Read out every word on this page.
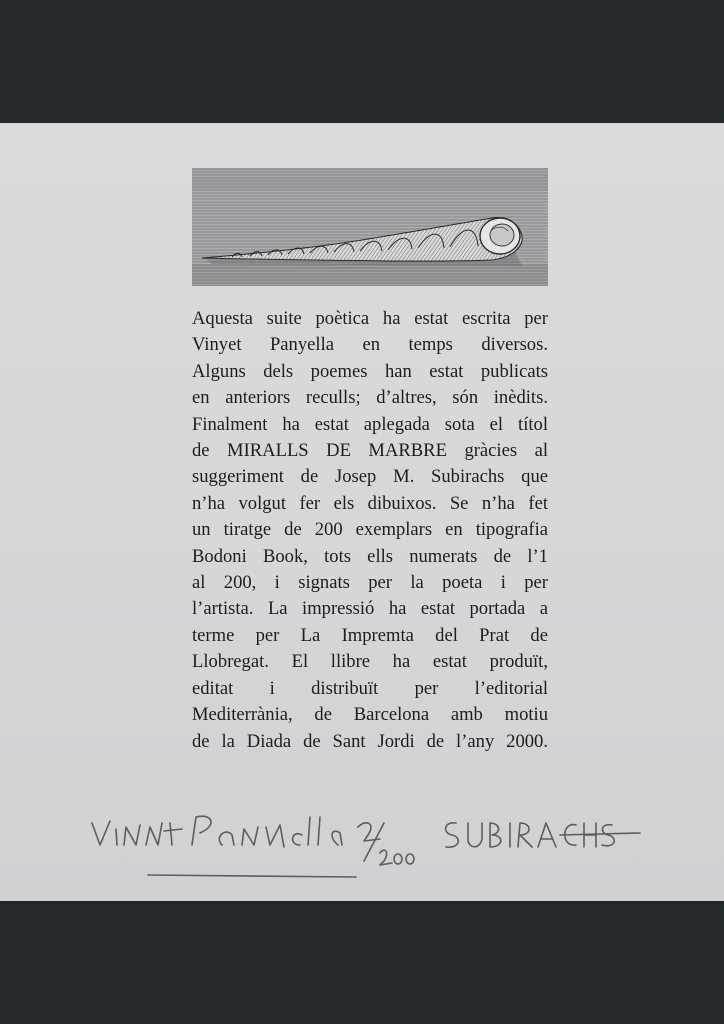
Aquesta suite poètica ha estat escrita per
Vinyet Panyella en temps diversos.
Alguns dels poemes han estat publicats
en anteriors reculls; d’altres, són inèdits.
Finalment ha estat aplegada sota el títol
de MIRALLS DE MARBRE gràcies al
suggeriment de Josep M. Subirachs que
n’ha volgut fer els dibuixos. Se n’ha fet
un tiratge de 200 exemplars en tipografia
Bodoni Book, tots ells numerats de l’1
al 200, i signats per la poeta i per
l’artista. La impressió ha estat portada a
terme per La Impremta del Prat de
Llobregat. El llibre ha estat produït,
editat i distribuït per l’editorial
Mediterrània, de Barcelona amb motiu
de la Diada de Sant Jordi de l’any 2000.
